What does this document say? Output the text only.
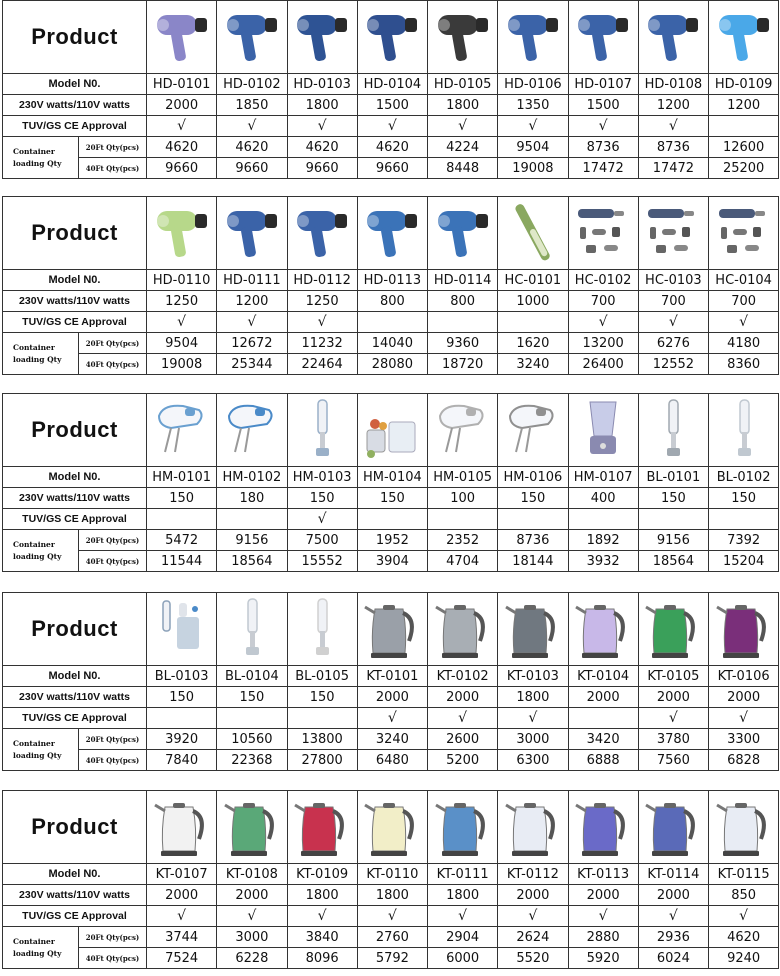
Product	

Model N0.		HD-0101	HD-0102	HD-0103	HD-0104	HD-0105	HD-0106	HD-0107	HD-0108	HD-0109
230V watts/110V watts		2000	1850	1800	1500	1800	1350	1500	1200	1200
TUV/GS CE Approval		√	√	√	√	√	√	√	√	
Container loading Qty	20Ft Qty(pcs)	4620	4620	4620	4620	4224	9504	8736	8736	12600
	40Ft Qty(pcs)	9660	9660	9660	9660	8448	19008	17472	17472	25200
Product	

Model N0.		HD-0110	HD-0111	HD-0112	HD-0113	HD-0114	HC-0101	HC-0102	HC-0103	HC-0104
230V watts/110V watts		1250	1200	1250	800	800	1000	700	700	700
TUV/GS CE Approval		√	√	√				√	√	√
Container loading Qty	20Ft Qty(pcs)	9504	12672	11232	14040	9360	1620	13200	6276	4180
	40Ft Qty(pcs)	19008	25344	22464	28080	18720	3240	26400	12552	8360
Product	

Model N0.		HM-0101	HM-0102	HM-0103	HM-0104	HM-0105	HM-0106	HM-0107	BL-0101	BL-0102
230V watts/110V watts		150	180	150	150	100	150	400	150	150
TUV/GS CE Approval				√						
Container loading Qty	20Ft Qty(pcs)	5472	9156	7500	1952	2352	8736	1892	9156	7392
	40Ft Qty(pcs)	11544	18564	15552	3904	4704	18144	3932	18564	15204
Product	

Model N0.		BL-0103	BL-0104	BL-0105	KT-0101	KT-0102	KT-0103	KT-0104	KT-0105	KT-0106
230V watts/110V watts		150	150	150	2000	2000	1800	2000	2000	2000
TUV/GS CE Approval					√	√	√		√	√
Container loading Qty	20Ft Qty(pcs)	3920	10560	13800	3240	2600	3000	3420	3780	3300
	40Ft Qty(pcs)	7840	22368	27800	6480	5200	6300	6888	7560	6828
Product	

Model N0.		KT-0107	KT-0108	KT-0109	KT-0110	KT-0111	KT-0112	KT-0113	KT-0114	KT-0115
230V watts/110V watts		2000	2000	1800	1800	1800	2000	2000	2000	850
TUV/GS CE Approval		√	√	√	√	√	√	√	√	√
Container loading Qty	20Ft Qty(pcs)	3744	3000	3840	2760	2904	2624	2880	2936	4620
	40Ft Qty(pcs)	7524	6228	8096	5792	6000	5520	5920	6024	9240
